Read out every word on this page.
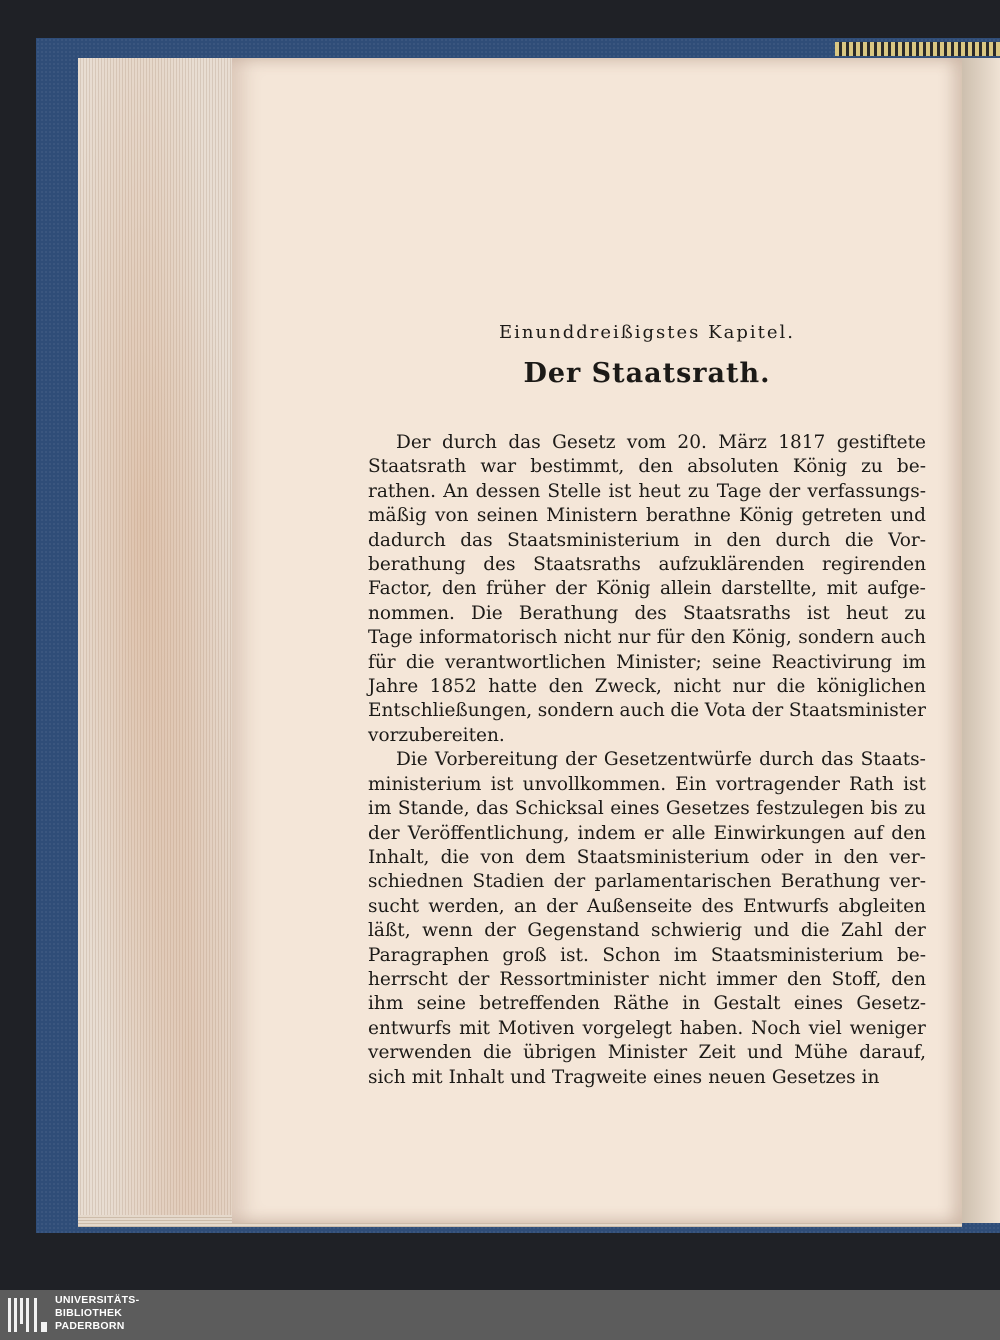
Einunddreißigstes Kapitel.
Der Staatsrath.
Der durch das Gesetz vom 20. März 1817 gestiftete
Staatsrath war bestimmt, den absoluten König zu be-
rathen. An dessen Stelle ist heut zu Tage der verfassungs-
mäßig von seinen Ministern berathne König getreten und
dadurch das Staatsministerium in den durch die Vor-
berathung des Staatsraths aufzuklärenden regirenden
Factor, den früher der König allein darstellte, mit aufge-
nommen. Die Berathung des Staatsraths ist heut zu
Tage informatorisch nicht nur für den König, sondern auch
für die verantwortlichen Minister; seine Reactivirung im
Jahre 1852 hatte den Zweck, nicht nur die königlichen
Entschließungen, sondern auch die Vota der Staatsminister
vorzubereiten.
Die Vorbereitung der Gesetzentwürfe durch das Staats-
ministerium ist unvollkommen. Ein vortragender Rath ist
im Stande, das Schicksal eines Gesetzes festzulegen bis zu
der Veröffentlichung, indem er alle Einwirkungen auf den
Inhalt, die von dem Staatsministerium oder in den ver-
schiednen Stadien der parlamentarischen Berathung ver-
sucht werden, an der Außenseite des Entwurfs abgleiten
läßt, wenn der Gegenstand schwierig und die Zahl der
Paragraphen groß ist. Schon im Staatsministerium be-
herrscht der Ressortminister nicht immer den Stoff, den
ihm seine betreffenden Räthe in Gestalt eines Gesetz-
entwurfs mit Motiven vorgelegt haben. Noch viel weniger
verwenden die übrigen Minister Zeit und Mühe darauf,
sich mit Inhalt und Tragweite eines neuen Gesetzes in
UNIVERSITÄTS-
BIBLIOTHEK
PADERBORN
